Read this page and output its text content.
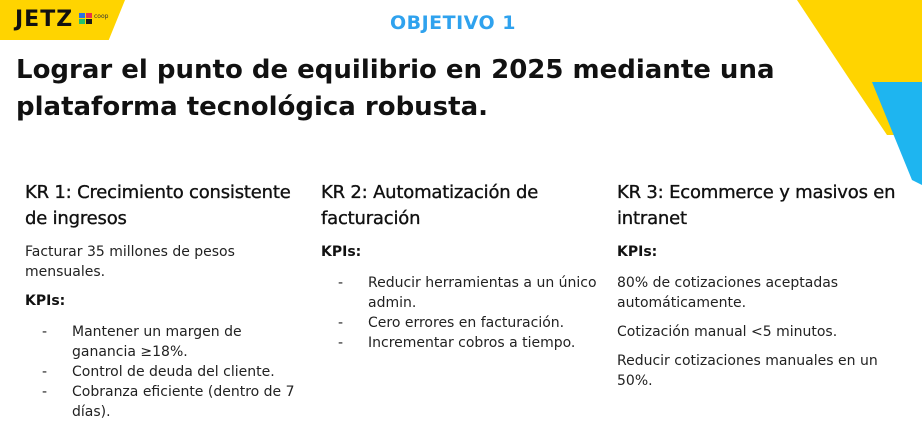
JETZ	coop	OBJETIVO 1
Lograr el punto de equilibrio en 2025 mediante una plataforma tecnológica robusta.
KR 1: Crecimiento consistente de ingresos

Facturar 35 millones de pesos mensuales.

KPIs:
- Mantener un margen de ganancia ≥18%.
- Control de deuda del cliente.
- Cobranza eficiente (dentro de 7 días).
KR 2: Automatización de facturación
KPIs:
- Reducir herramientas a un único admin.
- Cero errores en facturación.
- Incrementar cobros a tiempo.
KR 3: Ecommerce y masivos en intranet
KPIs:

80% de cotizaciones aceptadas automáticamente.

Cotización manual <5 minutos.

Reducir cotizaciones manuales en un 50%.
